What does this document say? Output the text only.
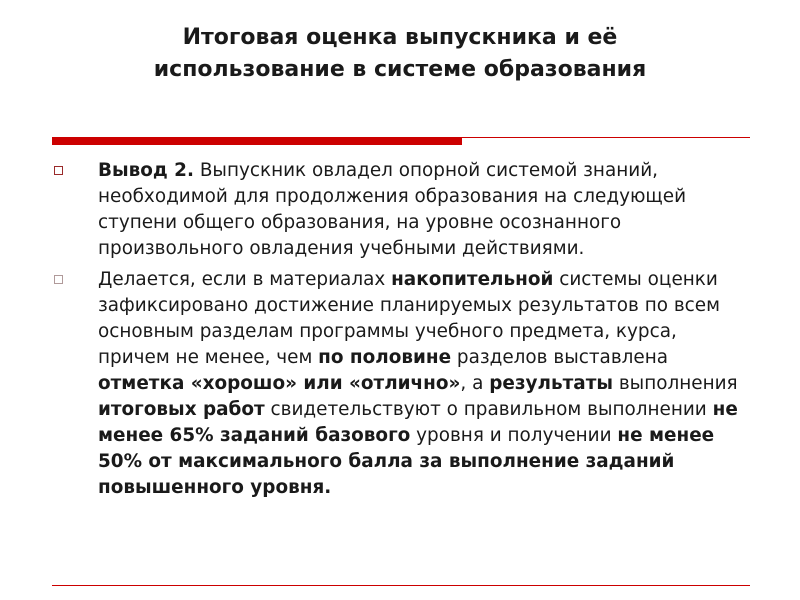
Итоговая оценка выпускника и её
использование в системе образования
Вывод 2. Выпускник овладел опорной системой знаний, необходимой для продолжения образования на следующей ступени общего образования, на уровне осознанного произвольного овладения учебными действиями.
Делается, если в материалах накопительной системы оценки зафиксировано достижение планируемых результатов по всем основным разделам программы учебного предмета, курса, причем не менее, чем по половине разделов выставлена отметка «хорошо» или «отлично», а результаты выполнения итоговых работ свидетельствуют о правильном выполнении не менее 65% заданий базового уровня и получении не менее 50% от максимального балла за выполнение заданий повышенного уровня.
